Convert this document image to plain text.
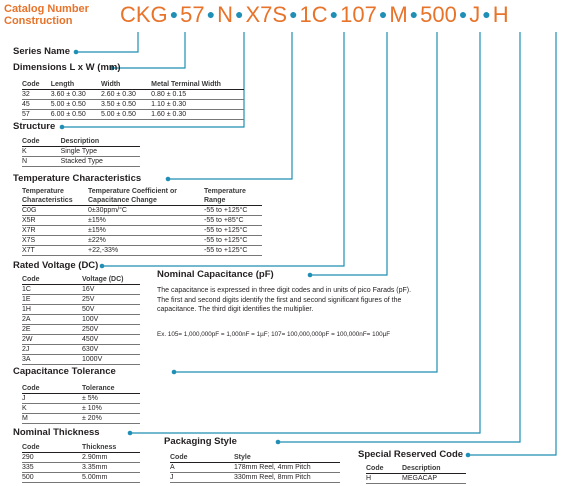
Catalog Number
Construction	CKG ●57 ●N ●X7S ●1C ●107 ●M ●500 ●J ●H
Series Name
Dimensions L x W (mm)
Code	Length	Width	Metal Terminal Width
32	3.60 ± 0.30	2.60 ± 0.30	0.80 ± 0.15
45	5.00 ± 0.50	3.50 ± 0.50	1.10 ± 0.30
57	6.00 ± 0.50	5.00 ± 0.50	1.60 ± 0.30
Structure
Code	Description
K	Single Type
N	Stacked Type
Temperature Characteristics
Temperature Characteristics	Temperature Coefficient or Capacitance Change	Temperature Range
C0G	0±30ppm/°C	-55 to +125°C
X5R	±15%	-55 to +85°C
X7R	±15%	-55 to +125°C
X7S	±22%	-55 to +125°C
X7T	+22,-33%	-55 to +125°C
Rated Voltage (DC)
Code	Voltage (DC)
1C	16V
1E	25V
1H	50V
2A	100V
2E	250V
2W	450V
2J	630V
3A	1000V
Nominal Capacitance (pF)
The capacitance is expressed in three digit codes and in units of pico Farads (pF). The first and second digits identify the first and second significant figures of the capacitance. The third digit identifies the multiplier.
Ex. 105= 1,000,000pF = 1,000nF = 1µF; 107= 100,000,000pF = 100,000nF= 100µF
Capacitance Tolerance
Code	Tolerance
J	± 5%
K	± 10%
M	± 20%
Nominal Thickness
Code	Thickness
290	2.90mm
335	3.35mm
500	5.00mm
Packaging Style
Code	Style
A	178mm Reel, 4mm Pitch
J	330mm Reel, 8mm Pitch
Special Reserved Code
Code	Description
H	MEGACAP
